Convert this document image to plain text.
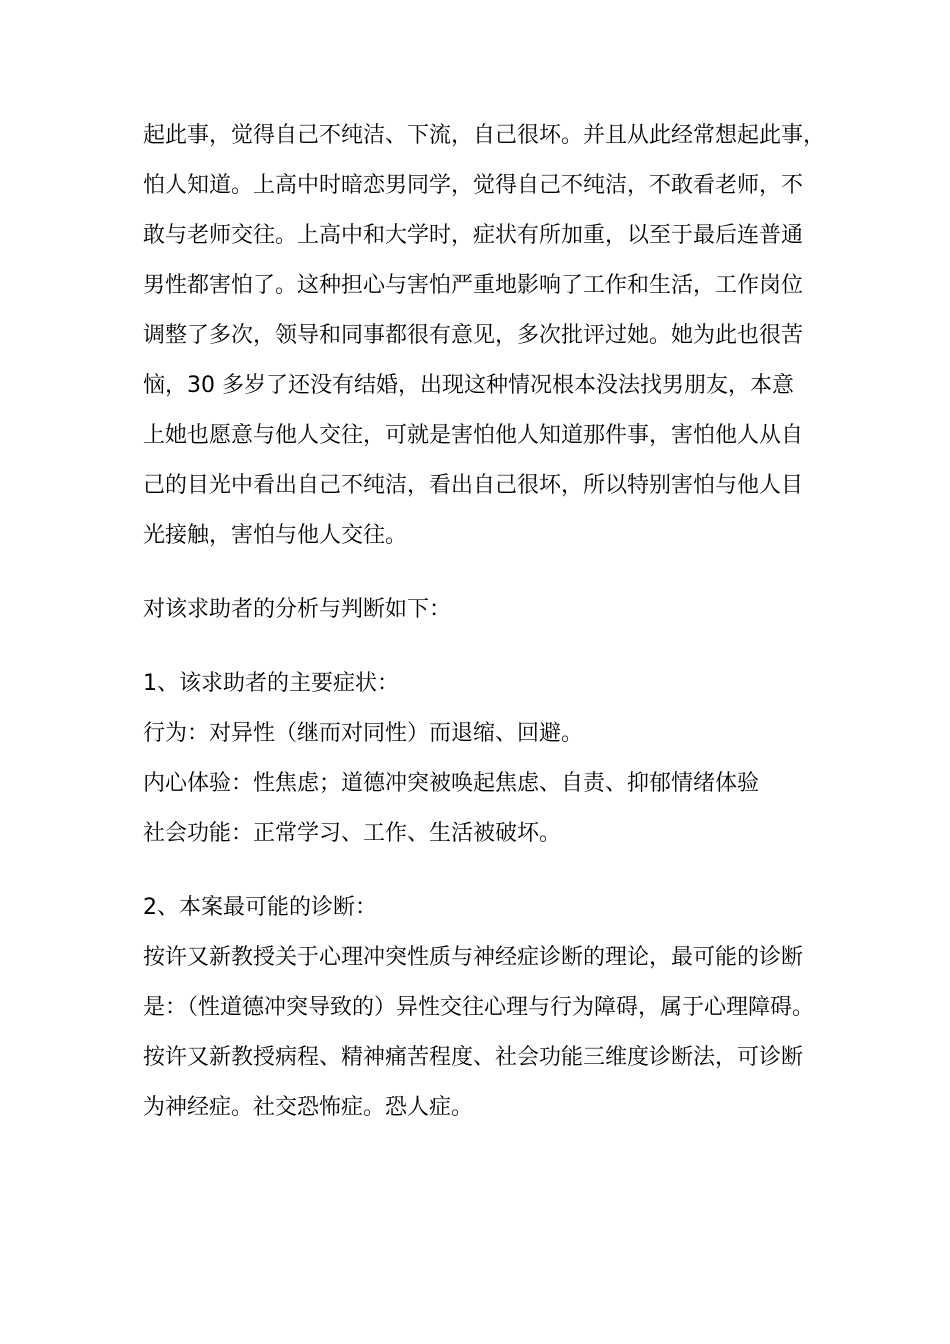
起此事，觉得自己不纯洁、下流，自己很坏。并且从此经常想起此事，
怕人知道。上高中时暗恋男同学，觉得自己不纯洁，不敢看老师，不
敢与老师交往。上高中和大学时，症状有所加重，以至于最后连普通
男性都害怕了。这种担心与害怕严重地影响了工作和生活，工作岗位
调整了多次，领导和同事都很有意见，多次批评过她。她为此也很苦
恼，30 多岁了还没有结婚，出现这种情况根本没法找男朋友，本意
上她也愿意与他人交往，可就是害怕他人知道那件事，害怕他人从自
己的目光中看出自己不纯洁，看出自己很坏，所以特别害怕与他人目
光接触，害怕与他人交往。
对该求助者的分析与判断如下：
1、该求助者的主要症状：
行为：对异性（继而对同性）而退缩、回避。
内心体验：性焦虑；道德冲突被唤起焦虑、自责、抑郁情绪体验
社会功能：正常学习、工作、生活被破坏。
2、本案最可能的诊断：
按许又新教授关于心理冲突性质与神经症诊断的理论，最可能的诊断
是：（性道德冲突导致的）异性交往心理与行为障碍，属于心理障碍。
按许又新教授病程、精神痛苦程度、社会功能三维度诊断法，可诊断
为神经症。社交恐怖症。恐人症。
